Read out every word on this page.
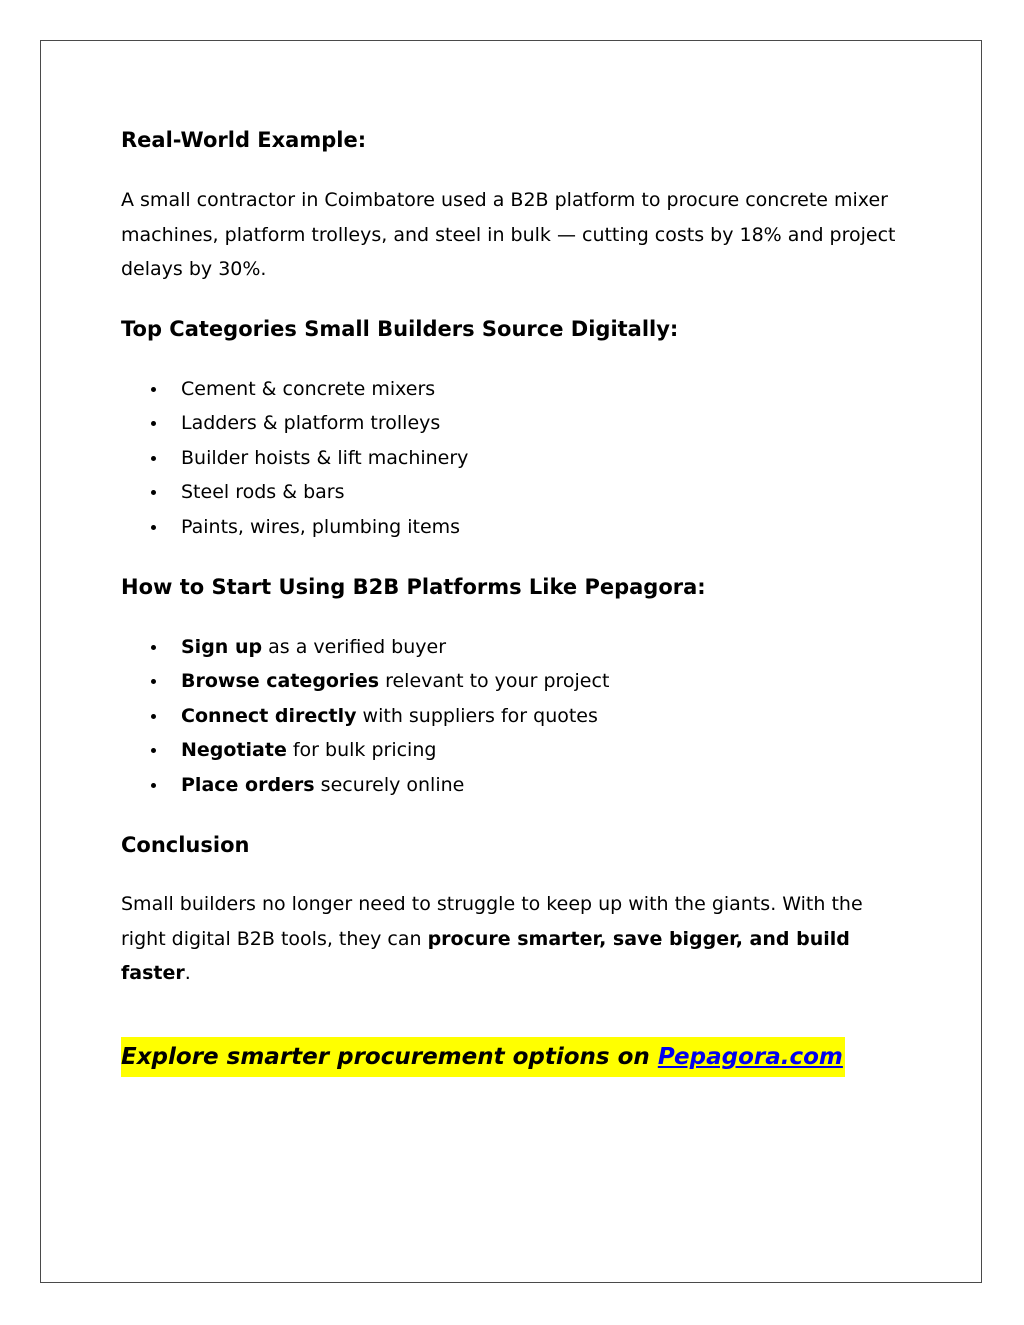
Real-World Example:

A small contractor in Coimbatore used a B2B platform to procure concrete mixer machines, platform trolleys, and steel in bulk — cutting costs by 18% and project delays by 30%.

Top Categories Small Builders Source Digitally:
Cement & concrete mixers
Ladders & platform trolleys
Builder hoists & lift machinery
Steel rods & bars
Paints, wires, plumbing items
How to Start Using B2B Platforms Like Pepagora:
Sign up as a verified buyer
Browse categories relevant to your project
Connect directly with suppliers for quotes
Negotiate for bulk pricing
Place orders securely online
Conclusion

Small builders no longer need to struggle to keep up with the giants. With the right digital B2B tools, they can procure smarter, save bigger, and build faster.

Explore smarter procurement options on Pepagora.com
